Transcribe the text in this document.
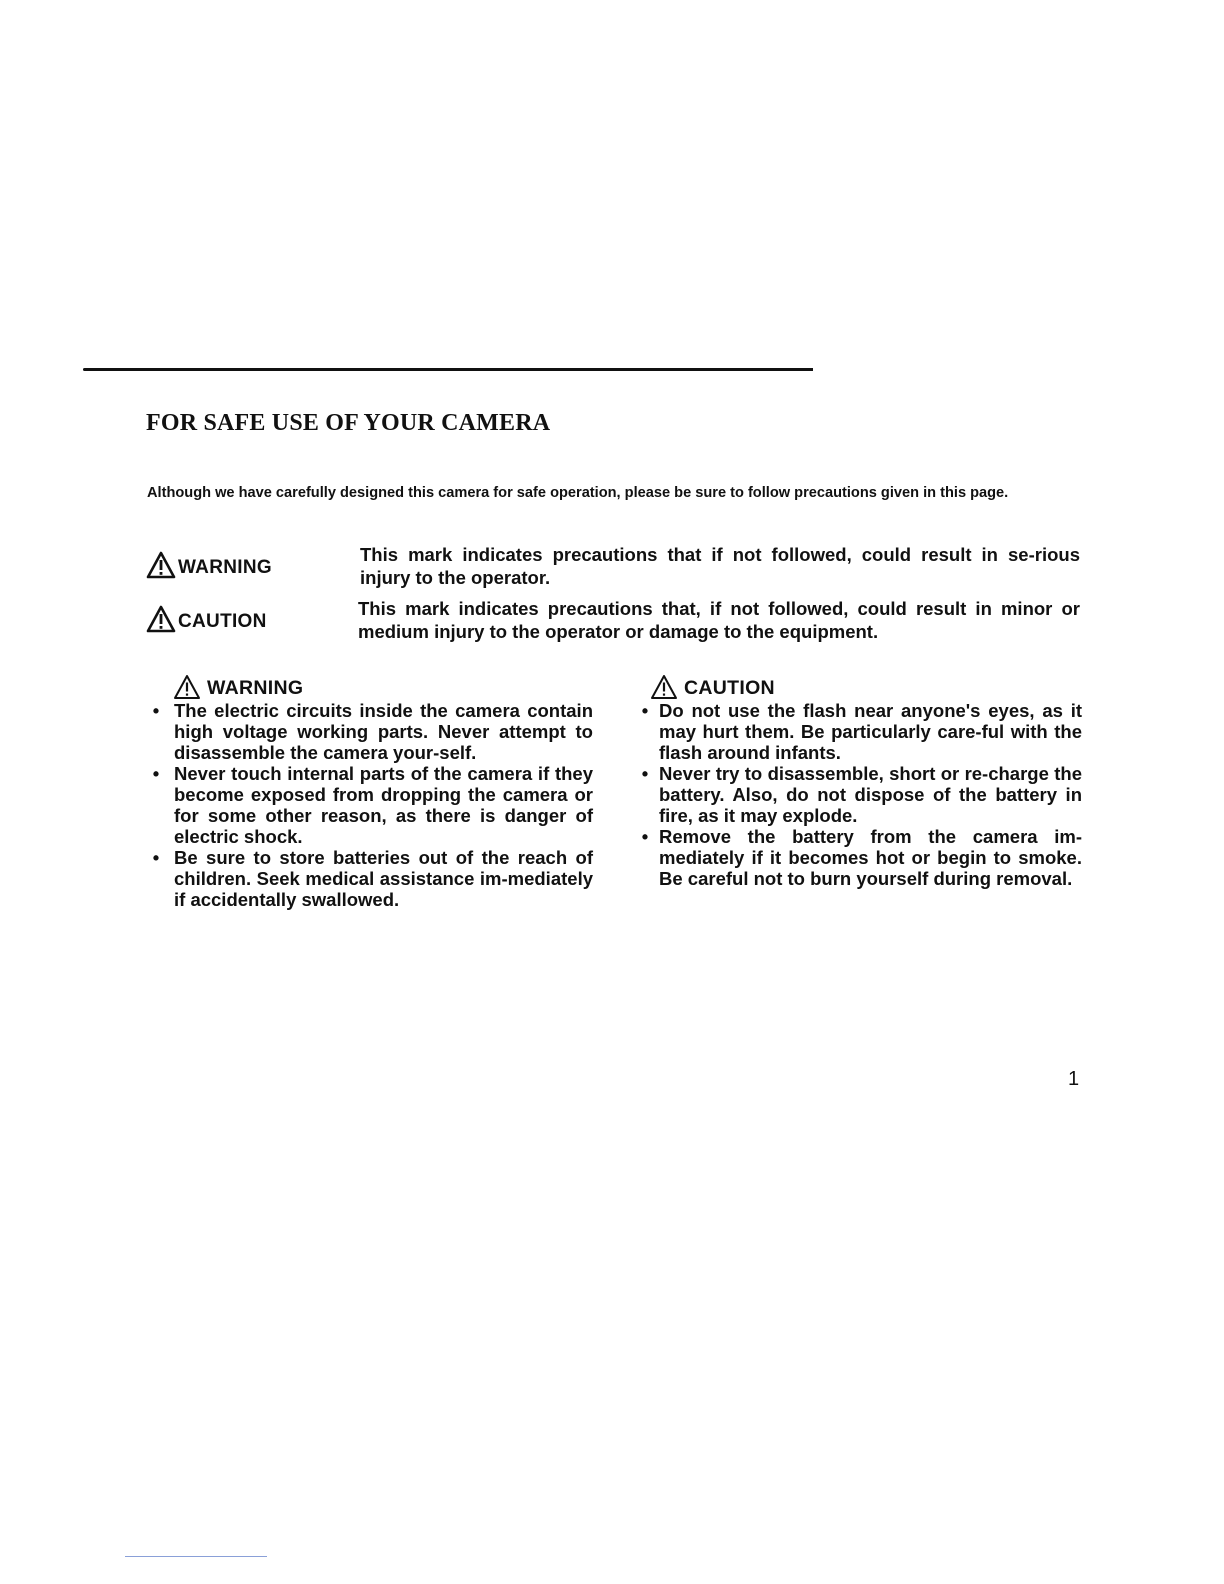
FOR SAFE USE OF YOUR CAMERA

Although we have carefully designed this camera for safe operation, please be sure to follow precautions given in this page.

WARNING

This mark indicates precautions that if not followed, could result in se-rious injury to the operator.

CAUTION

This mark indicates precautions that, if not followed, could result in minor or medium injury to the operator or damage to the equipment.

WARNING
• The electric circuits inside the camera contain high voltage working parts. Never attempt to disassemble the camera your-self.
• Never touch internal parts of the camera if they become exposed from dropping the camera or for some other reason, as there is danger of electric shock.
• Be sure to store batteries out of the reach of children. Seek medical assistance im-mediately if accidentally swallowed.
CAUTION
• Do not use the flash near anyone's eyes, as it may hurt them. Be particularly care-ful with the flash around infants.
• Never try to disassemble, short or re-charge the battery. Also, do not dispose of the battery in fire, as it may explode.
• Remove the battery from the camera im-mediately if it becomes hot or begin to smoke. Be careful not to burn yourself during removal.
1
